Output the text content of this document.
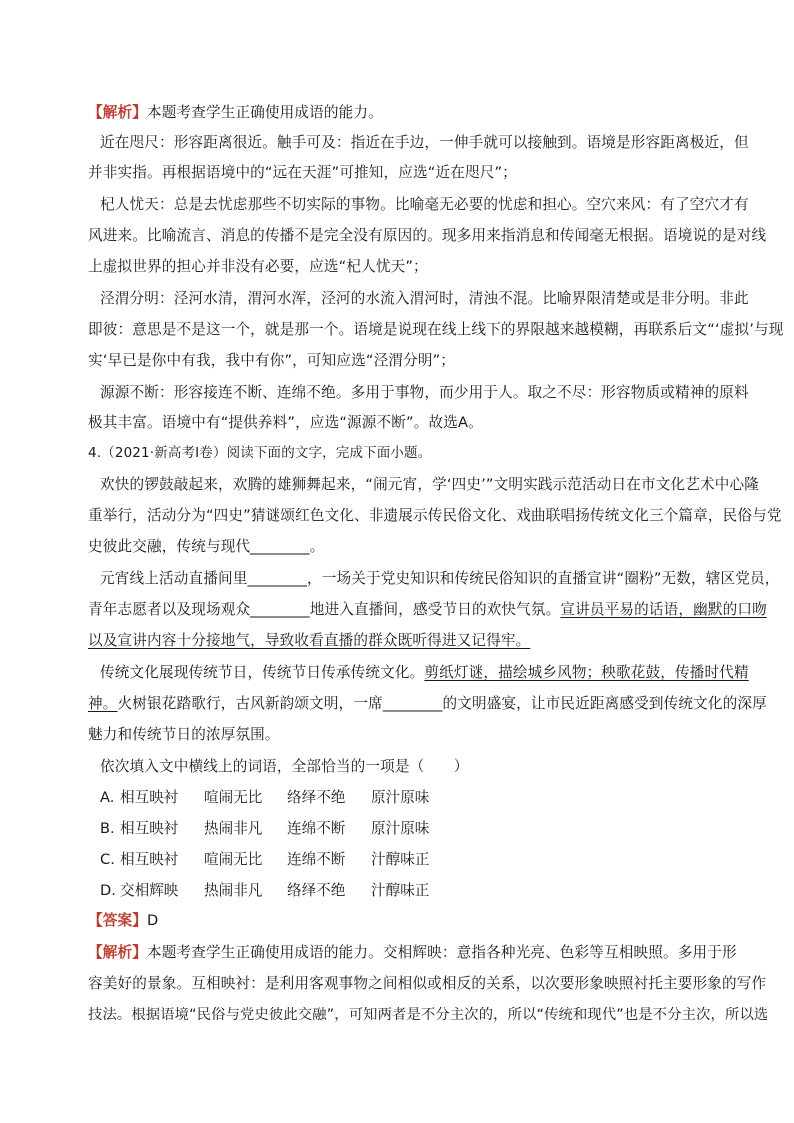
【解析】本题考查学生正确使用成语的能力。
近在咫尺：形容距离很近。触手可及：指近在手边，一伸手就可以接触到。语境是形容距离极近，但
并非实指。再根据语境中的“远在天涯”可推知，应选“近在咫尺”；
杞人忧天：总是去忧虑那些不切实际的事物。比喻毫无必要的忧虑和担心。空穴来风：有了空穴才有
风进来。比喻流言、消息的传播不是完全没有原因的。现多用来指消息和传闻毫无根据。语境说的是对线
上虚拟世界的担心并非没有必要，应选“杞人忧天”；
泾渭分明：泾河水清，渭河水浑，泾河的水流入渭河时，清浊不混。比喻界限清楚或是非分明。非此
即彼：意思是不是这一个，就是那一个。语境是说现在线上线下的界限越来越模糊，再联系后文“‘虚拟’与现
实‘早已是你中有我，我中有你”，可知应选“泾渭分明”；
源源不断：形容接连不断、连绵不绝。多用于事物，而少用于人。取之不尽：形容物质或精神的原料
极其丰富。语境中有“提供养料”，应选“源源不断”。故选A。
4.（2021·新高考Ⅰ卷）阅读下面的文字，完成下面小题。
欢快的锣鼓敲起来，欢腾的雄狮舞起来，“闹元宵，学‘四史’”文明实践示范活动日在市文化艺术中心隆
重举行，活动分为“四史”猜谜颂红色文化、非遗展示传民俗文化、戏曲联唱扬传统文化三个篇章，民俗与党
史彼此交融，传统与现代________。
元宵线上活动直播间里________，一场关于党史知识和传统民俗知识的直播宣讲“圈粉”无数，辖区党员，
青年志愿者以及现场观众________地进入直播间，感受节日的欢快气氛。宣讲员平易的话语，幽默的口吻
以及宣讲内容十分接地气，导致收看直播的群众既听得进又记得牢。
传统文化展现传统节日，传统节日传承传统文化。剪纸灯谜，描绘城乡风物；秧歌花鼓，传播时代精
神。火树银花踏歌行，古风新韵颂文明，一席________的文明盛宴，让市民近距离感受到传统文化的深厚
魅力和传统节日的浓厚氛围。
依次填入文中横线上的词语，全部恰当的一项是（　　）
A. 相互映衬 喧闹无比 络绎不绝 原汁原味
B. 相互映衬 热闹非凡 连绵不断 原汁原味
C. 相互映衬 喧闹无比 连绵不断 汁醇味正
D. 交相辉映 热闹非凡 络绎不绝 汁醇味正
【答案】D
【解析】本题考查学生正确使用成语的能力。交相辉映：意指各种光亮、色彩等互相映照。多用于形
容美好的景象。互相映衬：是利用客观事物之间相似或相反的关系，以次要形象映照衬托主要形象的写作
技法。根据语境“民俗与党史彼此交融”，可知两者是不分主次的，所以“传统和现代”也是不分主次，所以选
